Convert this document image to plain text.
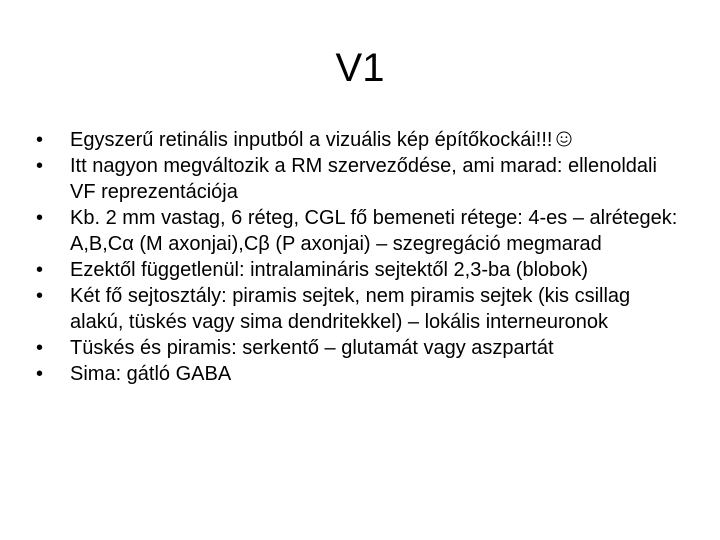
V1
•	Egyszerű retinális inputból a vizuális kép építőkockái!!!
•	Itt nagyon megváltozik a RM szerveződése, ami marad: ellenoldali VF reprezentációja
•	Kb. 2 mm vastag, 6 réteg, CGL fő bemeneti rétege: 4-es – alrétegek: A,B,Cα (M axonjai),Cβ (P axonjai) – szegregáció megmarad
•	Ezektől függetlenül: intralamináris sejtektől 2,3-ba (blobok)
•	Két fő sejtosztály: piramis sejtek, nem piramis sejtek (kis csillag alakú, tüskés vagy sima dendritekkel) – lokális interneuronok
•	Tüskés és piramis: serkentő – glutamát vagy aszpartát
•	Sima: gátló GABA
